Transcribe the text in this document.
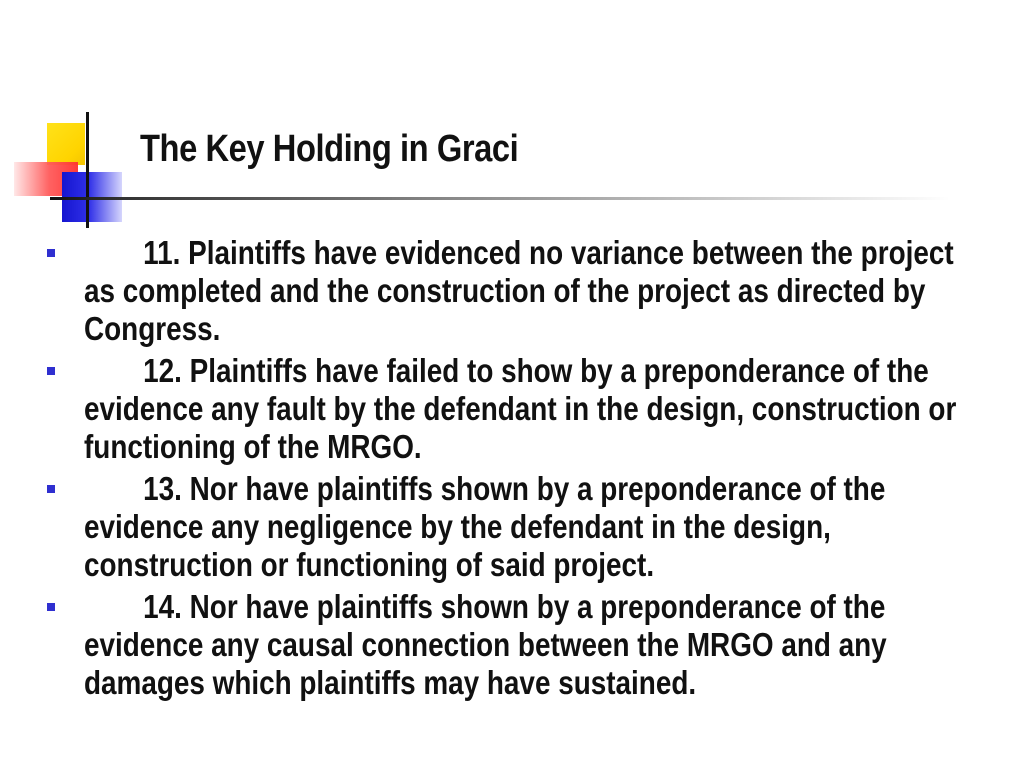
The Key Holding in Graci
11. Plaintiffs have evidenced no variance between the project as completed and the construction of the project as directed by Congress.
12. Plaintiffs have failed to show by a preponderance of the evidence any fault by the defendant in the design, construction or functioning of the MRGO.
13. Nor have plaintiffs shown by a preponderance of the evidence any negligence by the defendant in the design, construction or functioning of said project.
14. Nor have plaintiffs shown by a preponderance of the evidence any causal connection between the MRGO and any damages which plaintiffs may have sustained.
